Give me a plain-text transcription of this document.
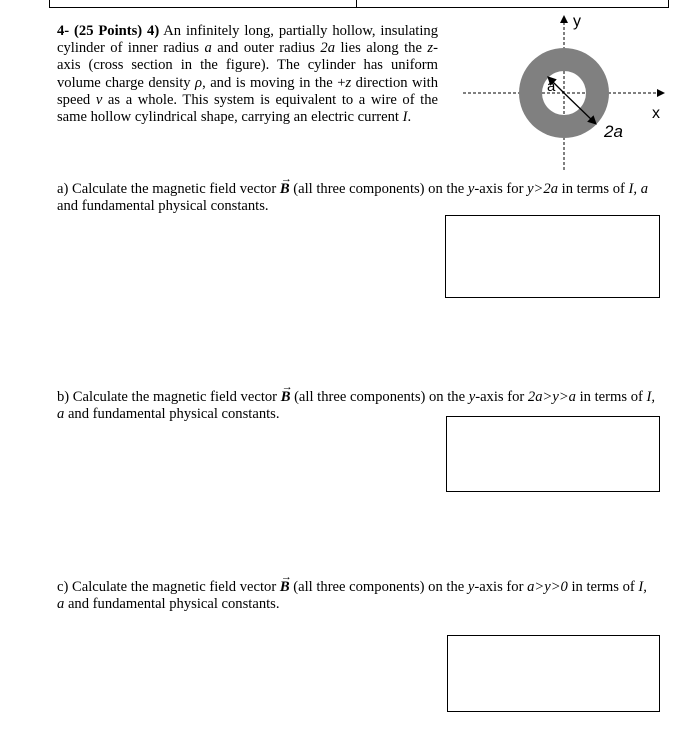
4- (25 Points) 4) An infinitely long, partially hollow, insulating cylinder of inner radius a and outer radius 2a lies along the z-axis (cross section in the figure). The cylinder has uniform volume charge density ρ, and is moving in the +z direction with speed v as a whole. This system is equivalent to a wire of the same hollow cylindrical shape, carrying an electric current I.
y
x
a
2a
a) Calculate the magnetic field vector → B (all three components) on the y-axis for y>2a in terms of I, a and fundamental physical constants.
b) Calculate the magnetic field vector → B (all three components) on the y-axis for 2a>y>a in terms of I, a and fundamental physical constants.
c) Calculate the magnetic field vector → B (all three components) on the y-axis for a>y>0 in terms of I,
a and fundamental physical constants.
